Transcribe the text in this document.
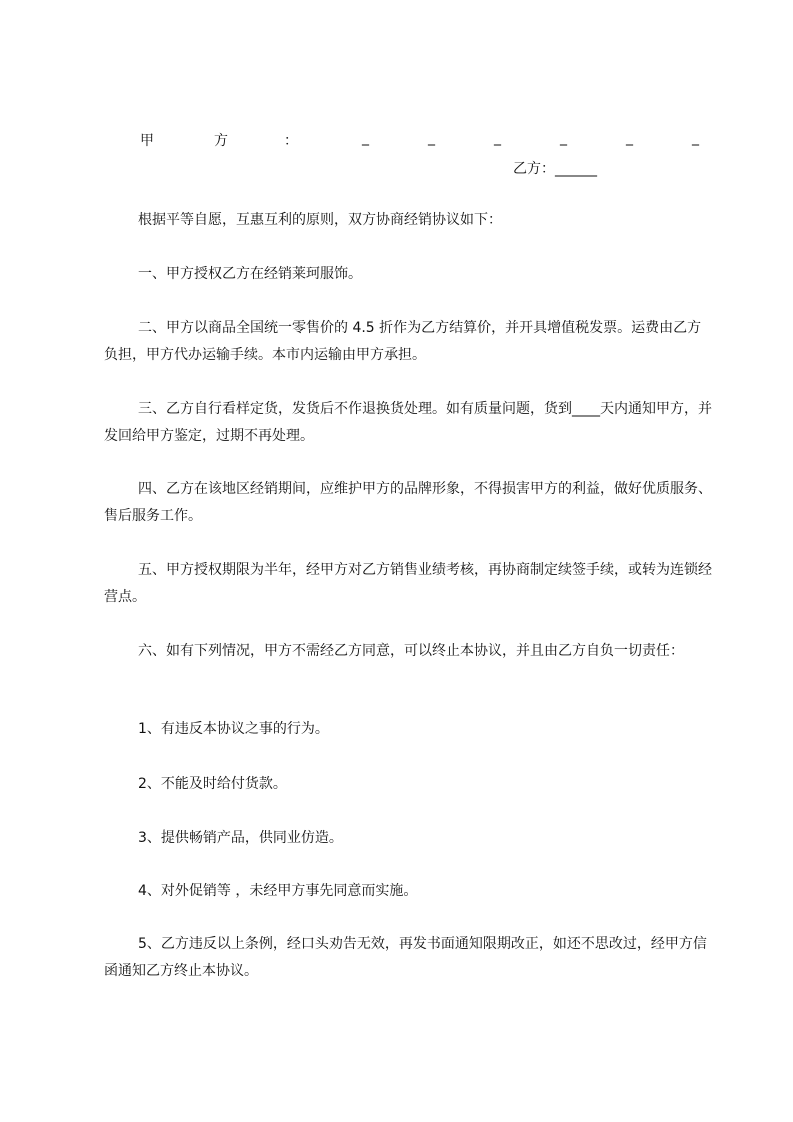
甲	方	：	_	_	_	_	_	_
乙方：______

根据平等自愿，互惠互利的原则，双方协商经销协议如下：

一、甲方授权乙方在经销莱珂服饰。

二、甲方以商品全国统一零售价的 4.5 折作为乙方结算价，并开具增值税发票。运费由乙方负担，甲方代办运输手续。本市内运输由甲方承担。

三、乙方自行看样定货，发货后不作退换货处理。如有质量问题，货到____天内通知甲方，并发回给甲方鉴定，过期不再处理。

四、乙方在该地区经销期间，应维护甲方的品牌形象，不得损害甲方的利益，做好优质服务、售后服务工作。

五、甲方授权期限为半年，经甲方对乙方销售业绩考核，再协商制定续签手续，或转为连锁经营点。

六、如有下列情况，甲方不需经乙方同意，可以终止本协议，并且由乙方自负一切责任：

1、有违反本协议之事的行为。

2、不能及时给付货款。

3、提供畅销产品，供同业仿造。

4、对外促销等 ，未经甲方事先同意而实施。

5、乙方违反以上条例，经口头劝告无效，再发书面通知限期改正，如还不思改过，经甲方信函通知乙方终止本协议。
